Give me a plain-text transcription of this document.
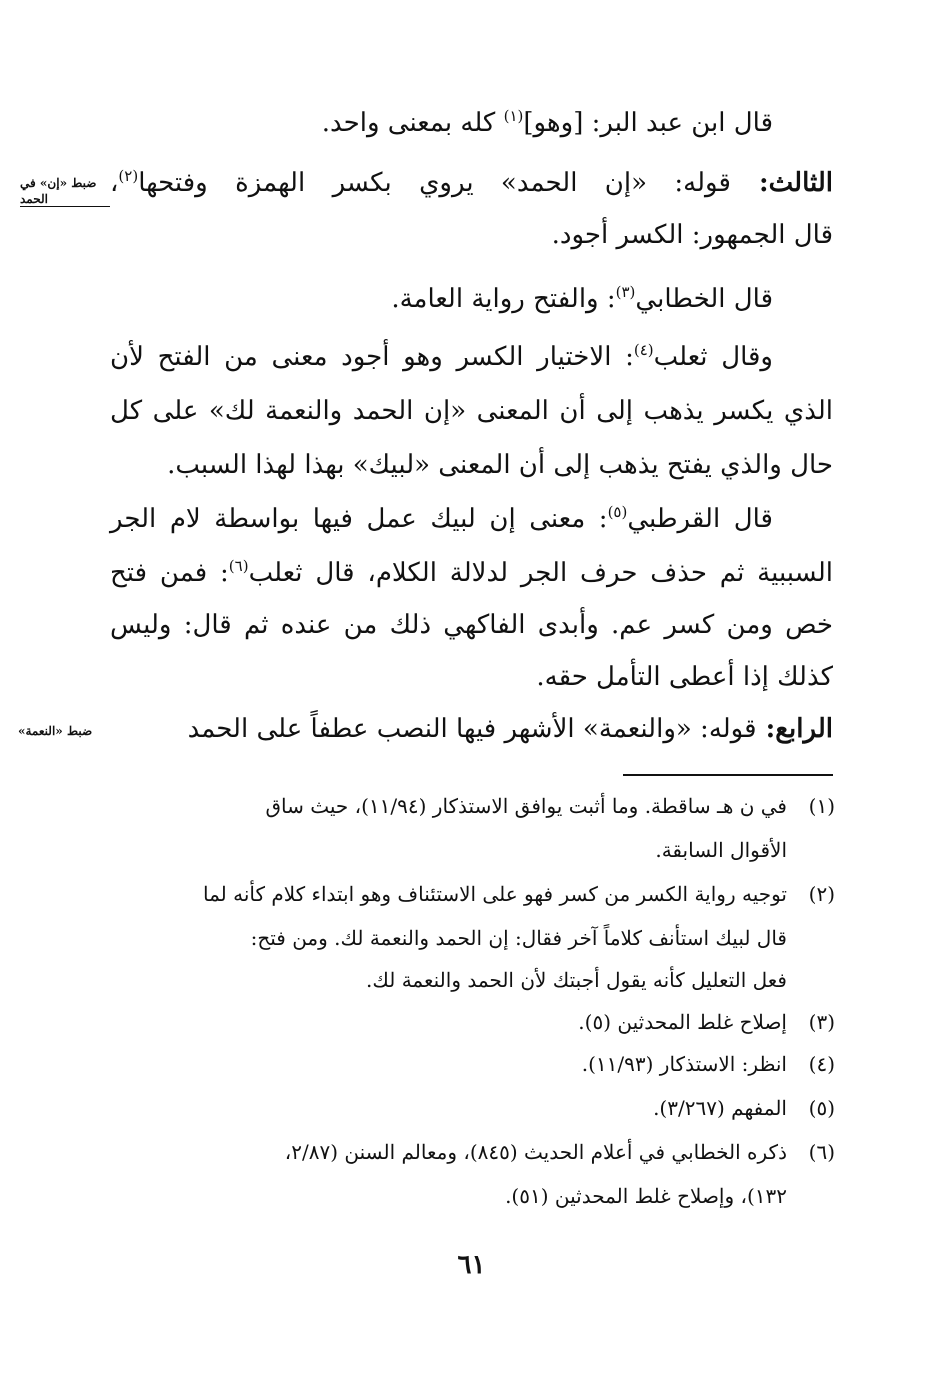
قال ابن عبد البر: [وهو]$^{(١)}$ كله بمعنى واحد.
الثالث: قوله: «إن الحمد» يروي بكسر الهمزة وفتحها$^{(٢)}$،
ضبط «إن» في
الحمد
قال الجمهور: الكسر أجود.
قال الخطابي$^{(٣)}$: والفتح رواية العامة.
وقال ثعلب$^{(٤)}$: الاختيار الكسر وهو أجود معنى من الفتح لأن
الذي يكسر يذهب إلى أن المعنى «إن الحمد والنعمة لك» على كل
حال والذي يفتح يذهب إلى أن المعنى «لبيك» بهذا لهذا السبب.
قال القرطبي$^{(٥)}$: معنى إن لبيك عمل فيها بواسطة لام الجر
السببية ثم حذف حرف الجر لدلالة الكلام، قال ثعلب$^{(٦)}$: فمن فتح
خص ومن كسر عم. وأبدى الفاكهي ذلك من عنده ثم قال: وليس
كذلك إذا أعطى التأمل حقه.
الرابع: قوله: «والنعمة» الأشهر فيها النصب عطفاً على الحمد
ضبط «النعمة»
(١)في ن هـ ساقطة. وما أثبت يوافق الاستذكار (١١/٩٤)، حيث ساق
الأقوال السابقة.
(٢)توجيه رواية الكسر من كسر فهو على الاستئناف وهو ابتداء كلام كأنه لما
قال لبيك استأنف كلاماً آخر فقال: إن الحمد والنعمة لك. ومن فتح:
فعل التعليل كأنه يقول أجبتك لأن الحمد والنعمة لك.
(٣)إصلاح غلط المحدثين (٥).
(٤)انظر: الاستذكار (١١/٩٣).
(٥)المفهم (٣/٢٦٧).
(٦)ذكره الخطابي في أعلام الحديث (٨٤٥)، ومعالم السنن (٢/٨٧،
١٣٢)، وإصلاح غلط المحدثين (٥١).
٦١
